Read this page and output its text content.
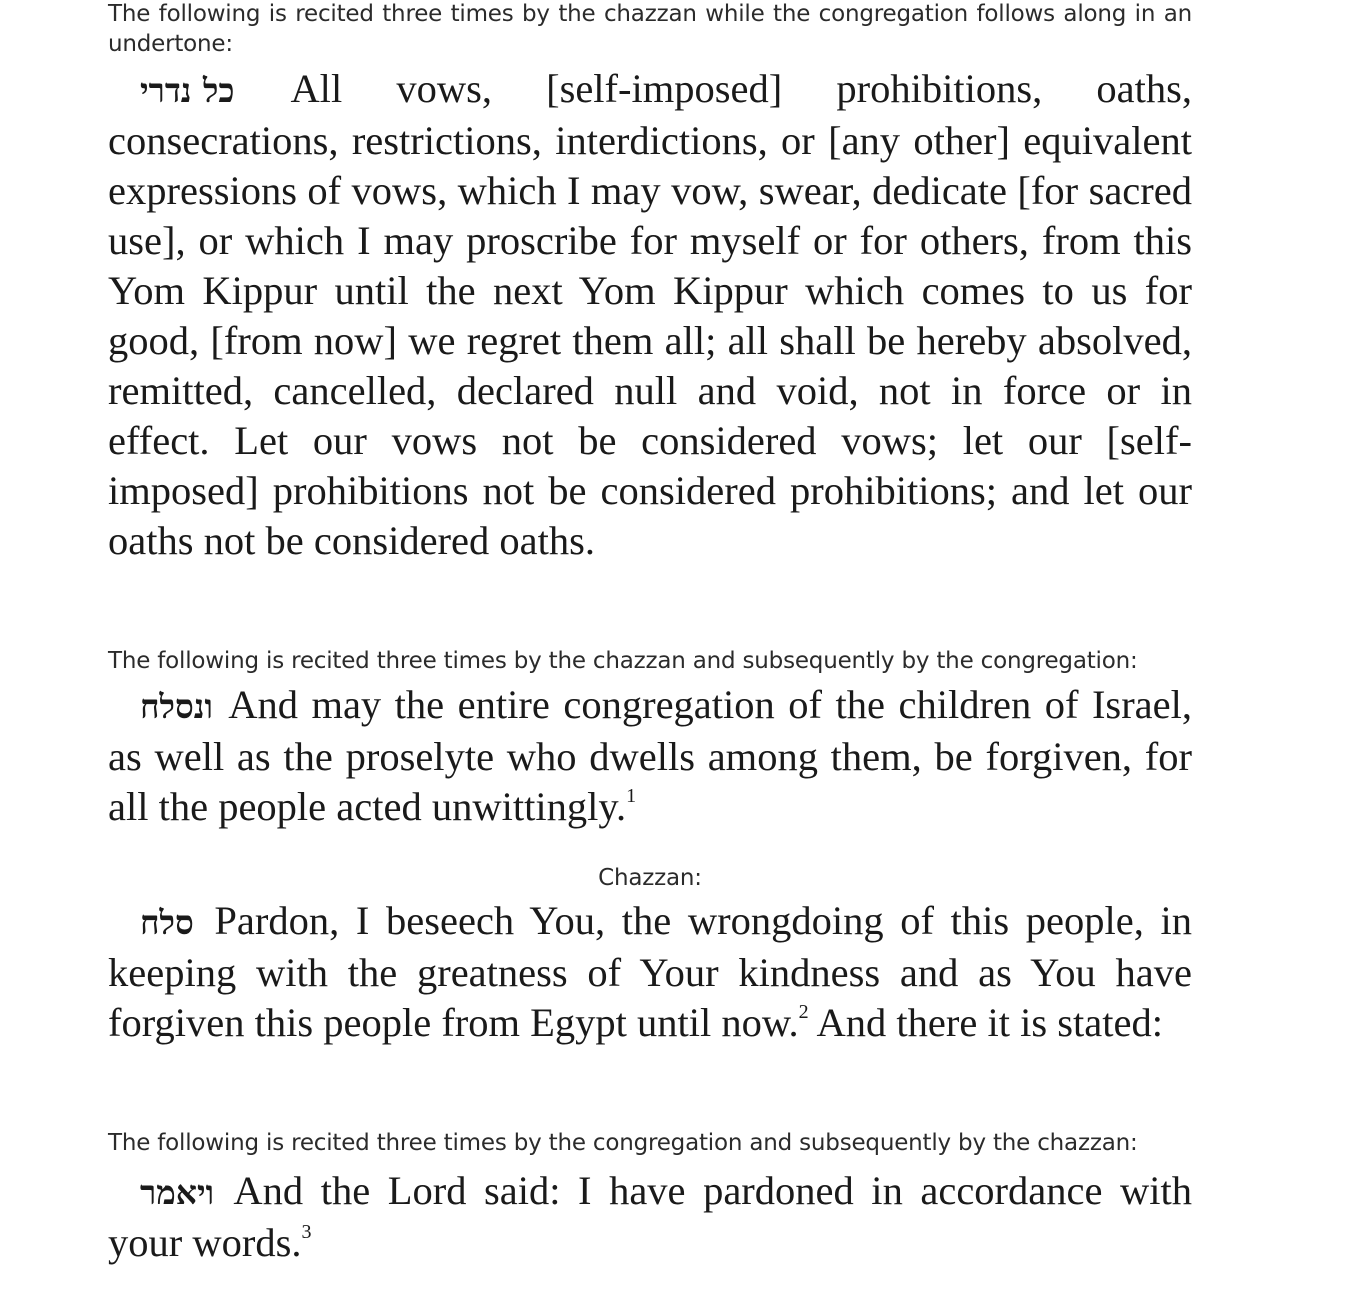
The following is recited three times by the chazzan while the congregation follows along in an undertone:

כל נדרי All vows, [self-imposed] prohibitions, oaths, consecrations, restrictions, interdictions, or [any other] equivalent expressions of vows, which I may vow, swear, dedicate [for sacred use], or which I may proscribe for myself or for others, from this Yom Kippur until the next Yom Kippur which comes to us for good, [from now] we regret them all; all shall be hereby absolved, remitted, cancelled, declared null and void, not in force or in effect. Let our vows not be considered vows; let our [self-imposed] prohibitions not be considered prohibitions; and let our oaths not be considered oaths.

The following is recited three times by the chazzan and subsequently by the congregation:

ונסלח And may the entire congregation of the children of Israel, as well as the proselyte who dwells among them, be forgiven, for all the people acted unwittingly.$^1$

Chazzan:

סלח Pardon, I beseech You, the wrongdoing of this people, in keeping with the greatness of Your kindness and as You have forgiven this people from Egypt until now.$^2$ And there it is stated:

The following is recited three times by the congregation and subsequently by the chazzan:

ויאמר And the Lord said: I have pardoned in accordance with your words.$^3$
